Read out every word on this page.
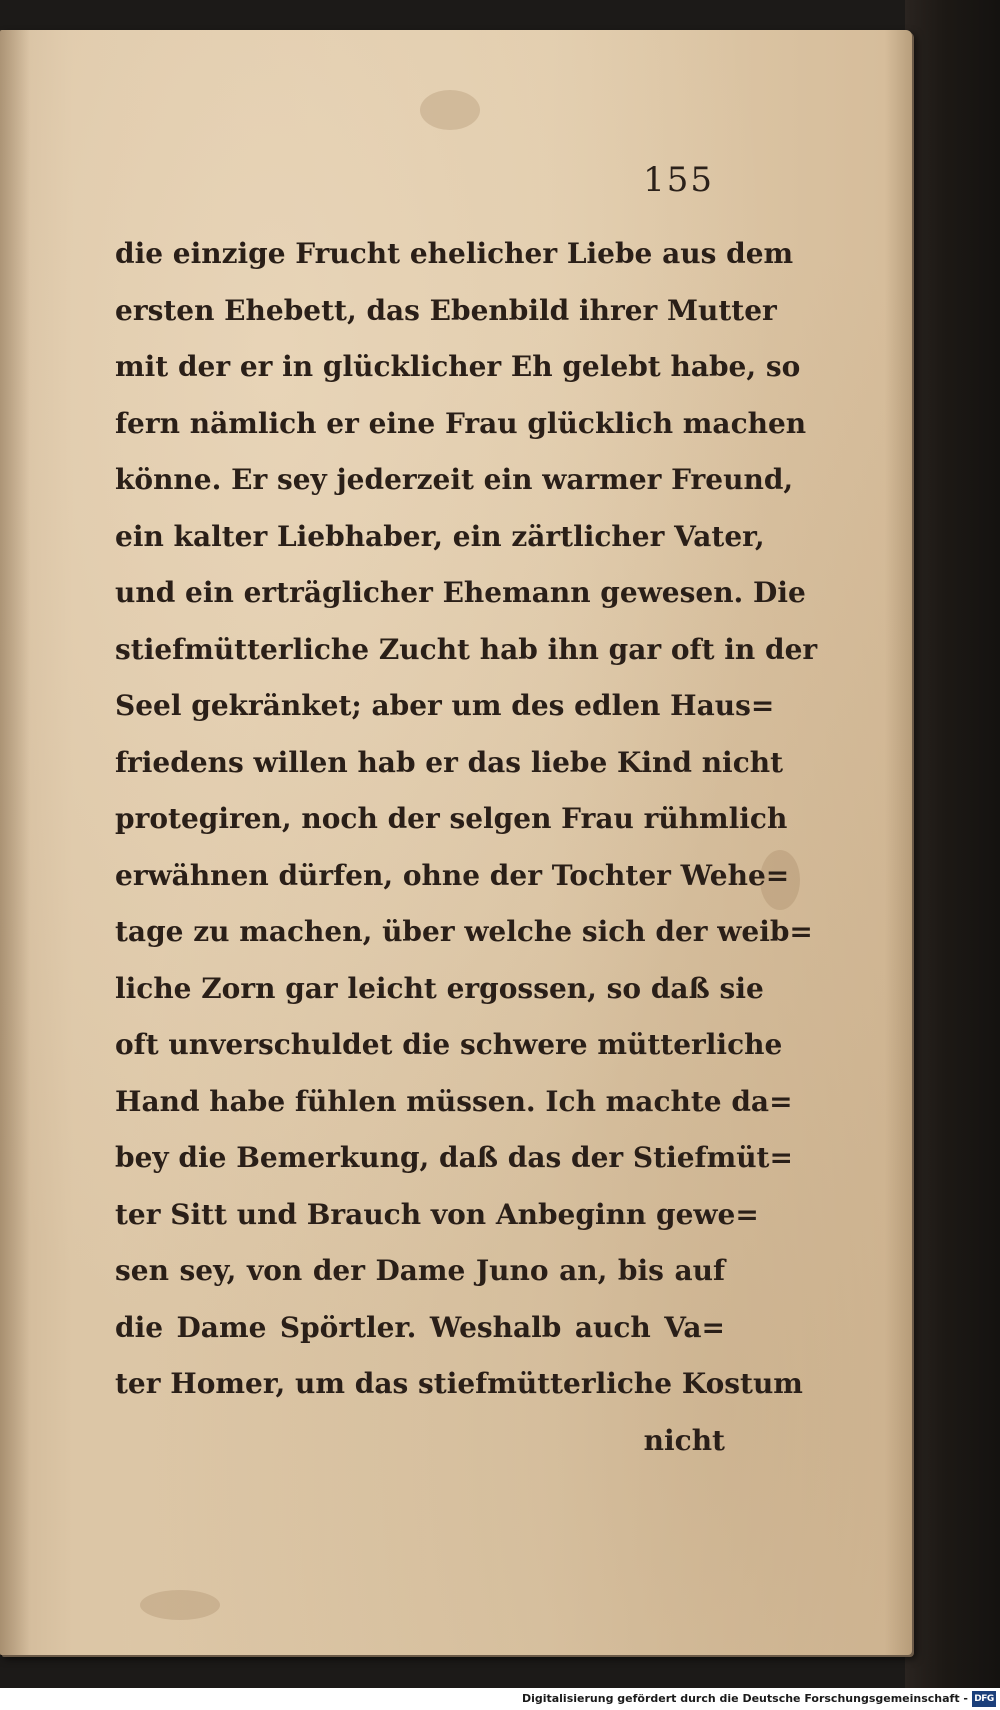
155
die einzige Frucht ehelicher Liebe aus dem
ersten Ehebett, das Ebenbild ihrer Mutter
mit der er in glücklicher Eh gelebt habe, so
fern nämlich er eine Frau glücklich machen
könne. Er sey jederzeit ein warmer Freund,
ein kalter Liebhaber, ein zärtlicher Vater,
und ein erträglicher Ehemann gewesen. Die
stiefmütterliche Zucht hab ihn gar oft in der
Seel gekränket; aber um des edlen Haus=
friedens willen hab er das liebe Kind nicht
protegiren, noch der selgen Frau rühmlich
erwähnen dürfen, ohne der Tochter Wehe=
tage zu machen, über welche sich der weib=
liche Zorn gar leicht ergossen, so daß sie
oft unverschuldet die schwere mütterliche
Hand habe fühlen müssen. Ich machte da=
bey die Bemerkung, daß das der Stiefmüt=
ter Sitt und Brauch von Anbeginn gewe=
sen sey, von der Dame Juno an, bis auf
die Dame Spörtler. Weshalb auch Va=
ter Homer, um das stiefmütterliche Kostum
nicht
Digitalisierung gefördert durch die Deutsche Forschungsgemeinschaft - DFG
